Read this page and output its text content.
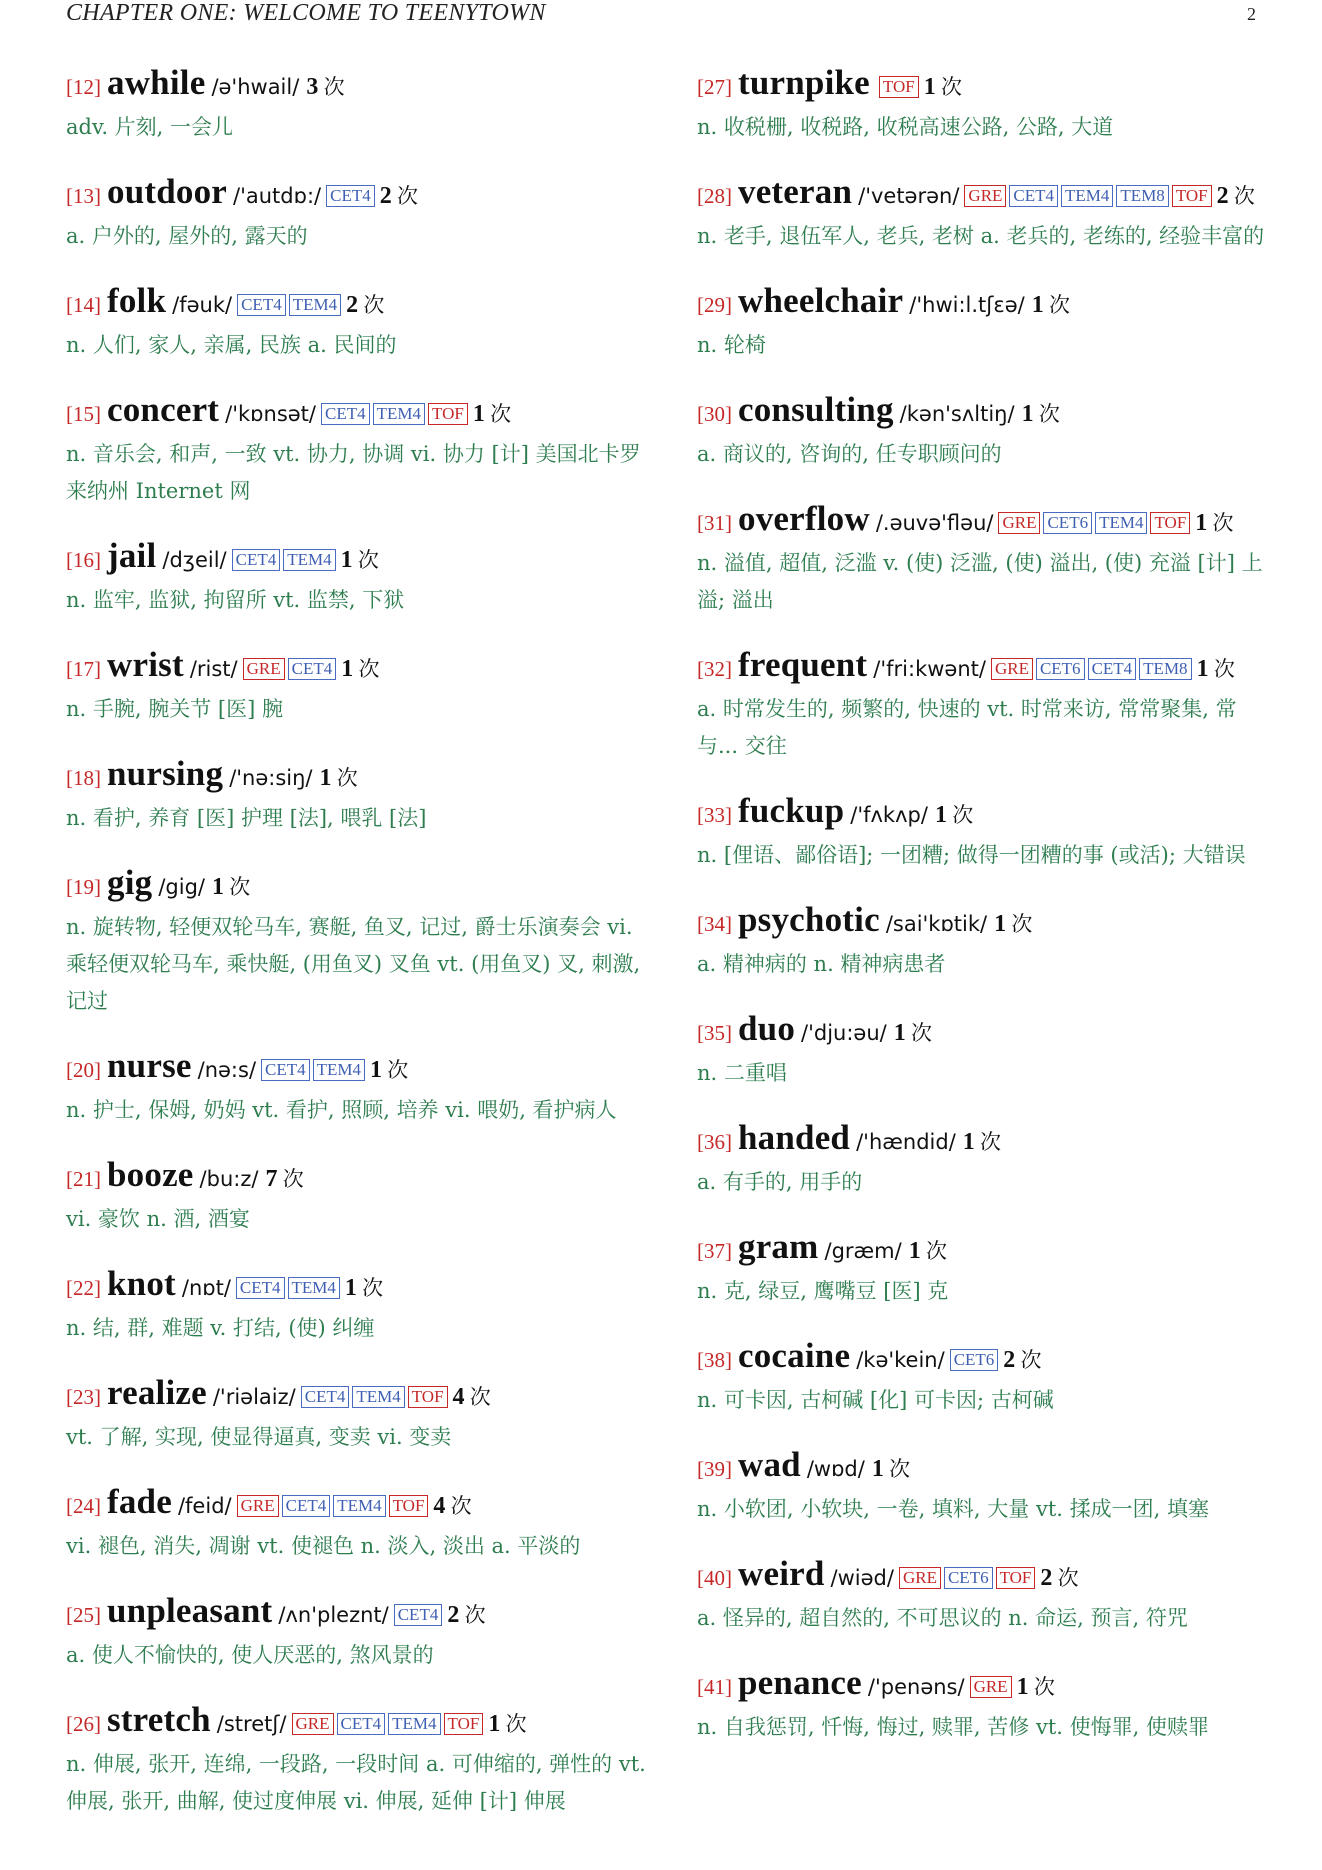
CHAPTER ONE: WELCOME TO TEENYTOWN	2
[12] awhile /ə'hwail/ 3 次
adv. 片刻, 一会儿
[13] outdoor /'autdɒ:/ CET4 2 次
a. 户外的, 屋外的, 露天的
[14] folk /fəuk/ CET4 TEM4 2 次
n. 人们, 家人, 亲属, 民族 a. 民间的
[15] concert /'kɒnsət/ CET4 TEM4 TOF 1 次
n. 音乐会, 和声, 一致 vt. 协力, 协调 vi. 协力 [计] 美国北卡罗来纳州 Internet 网
[16] jail /dʒeil/ CET4 TEM4 1 次
n. 监牢, 监狱, 拘留所 vt. 监禁, 下狱
[17] wrist /rist/ GRE CET4 1 次
n. 手腕, 腕关节 [医] 腕
[18] nursing /'nə:siŋ/ 1 次
n. 看护, 养育 [医] 护理 [法], 喂乳 [法]
[19] gig /gig/ 1 次
n. 旋转物, 轻便双轮马车, 赛艇, 鱼叉, 记过, 爵士乐演奏会 vi. 乘轻便双轮马车, 乘快艇, (用鱼叉) 叉鱼 vt. (用鱼叉) 叉, 刺激, 记过
[20] nurse /nə:s/ CET4 TEM4 1 次
n. 护士, 保姆, 奶妈 vt. 看护, 照顾, 培养 vi. 喂奶, 看护病人
[21] booze /bu:z/ 7 次
vi. 豪饮 n. 酒, 酒宴
[22] knot /nɒt/ CET4 TEM4 1 次
n. 结, 群, 难题 v. 打结, (使) 纠缠
[23] realize /'riəlaiz/ CET4 TEM4 TOF 4 次
vt. 了解, 实现, 使显得逼真, 变卖 vi. 变卖
[24] fade /feid/ GRE CET4 TEM4 TOF 4 次
vi. 褪色, 消失, 凋谢 vt. 使褪色 n. 淡入, 淡出 a. 平淡的
[25] unpleasant /ʌn'pleznt/ CET4 2 次
a. 使人不愉快的, 使人厌恶的, 煞风景的
[26] stretch /stretʃ/ GRE CET4 TEM4 TOF 1 次
n. 伸展, 张开, 连绵, 一段路, 一段时间 a. 可伸缩的, 弹性的 vt. 伸展, 张开, 曲解, 使过度伸展 vi. 伸展, 延伸 [计] 伸展
[27] turnpike TOF 1 次
n. 收税栅, 收税路, 收税高速公路, 公路, 大道
[28] veteran /'vetərən/ GRE CET4 TEM4 TEM8 TOF 2 次
n. 老手, 退伍军人, 老兵, 老树 a. 老兵的, 老练的, 经验丰富的
[29] wheelchair /'hwi:l.tʃɛə/ 1 次
n. 轮椅
[30] consulting /kən'sʌltiŋ/ 1 次
a. 商议的, 咨询的, 任专职顾问的
[31] overflow /.əuvə'fləu/ GRE CET6 TEM4 TOF 1 次
n. 溢值, 超值, 泛滥 v. (使) 泛滥, (使) 溢出, (使) 充溢 [计] 上溢; 溢出
[32] frequent /'fri:kwənt/ GRE CET6 CET4 TEM8 1 次
a. 时常发生的, 频繁的, 快速的 vt. 时常来访, 常常聚集, 常与... 交往
[33] fuckup /'fʌkʌp/ 1 次
n. [俚语、鄙俗语]; 一团糟; 做得一团糟的事 (或活); 大错误
[34] psychotic /sai'kɒtik/ 1 次
a. 精神病的 n. 精神病患者
[35] duo /'dju:əu/ 1 次
n. 二重唱
[36] handed /'hændid/ 1 次
a. 有手的, 用手的
[37] gram /græm/ 1 次
n. 克, 绿豆, 鹰嘴豆 [医] 克
[38] cocaine /kə'kein/ CET6 2 次
n. 可卡因, 古柯碱 [化] 可卡因; 古柯碱
[39] wad /wɒd/ 1 次
n. 小软团, 小软块, 一卷, 填料, 大量 vt. 揉成一团, 填塞
[40] weird /wiəd/ GRE CET6 TOF 2 次
a. 怪异的, 超自然的, 不可思议的 n. 命运, 预言, 符咒
[41] penance /'penəns/ GRE 1 次
n. 自我惩罚, 忏悔, 悔过, 赎罪, 苦修 vt. 使悔罪, 使赎罪
